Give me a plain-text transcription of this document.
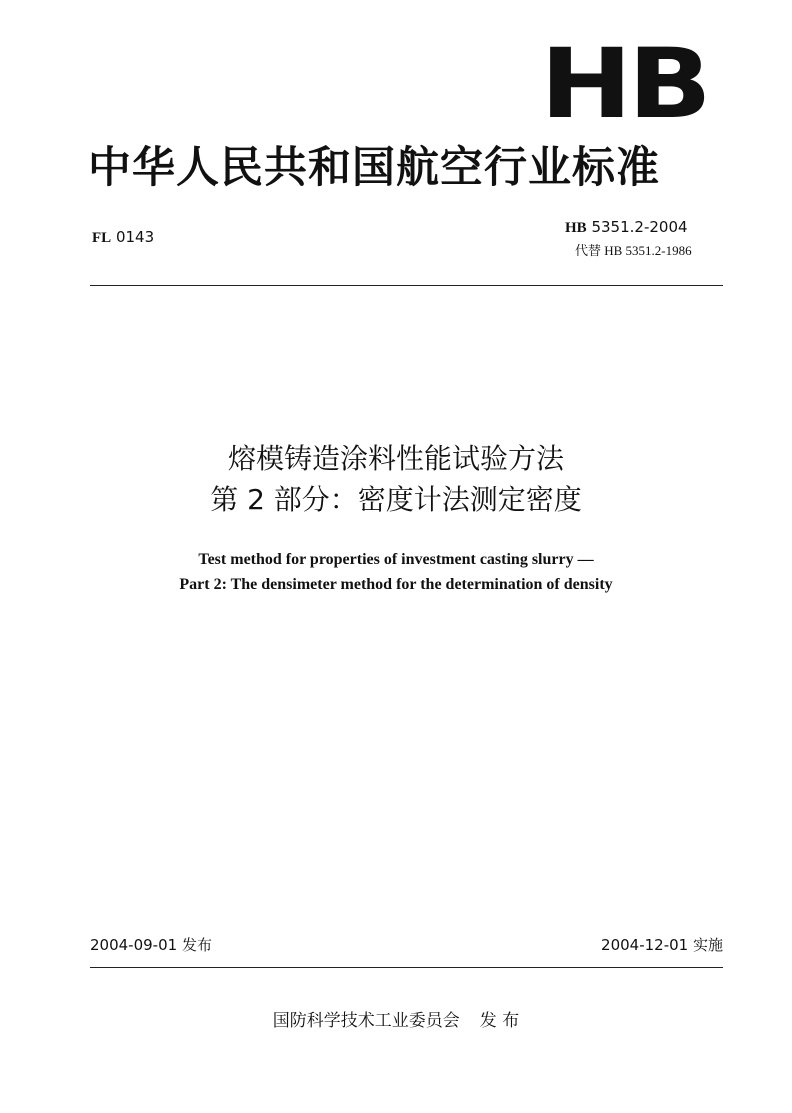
HB
中华人民共和国航空行业标准
FL 0143	HB 5351.2-2004
代替 HB 5351.2-1986
熔模铸造涂料性能试验方法
第 2 部分：密度计法测定密度
Test method for properties of investment casting slurry —
Part 2: The densimeter method for the determination of density
2004-09-01 发布	2004-12-01 实施
国防科学技术工业委员会 发 布
